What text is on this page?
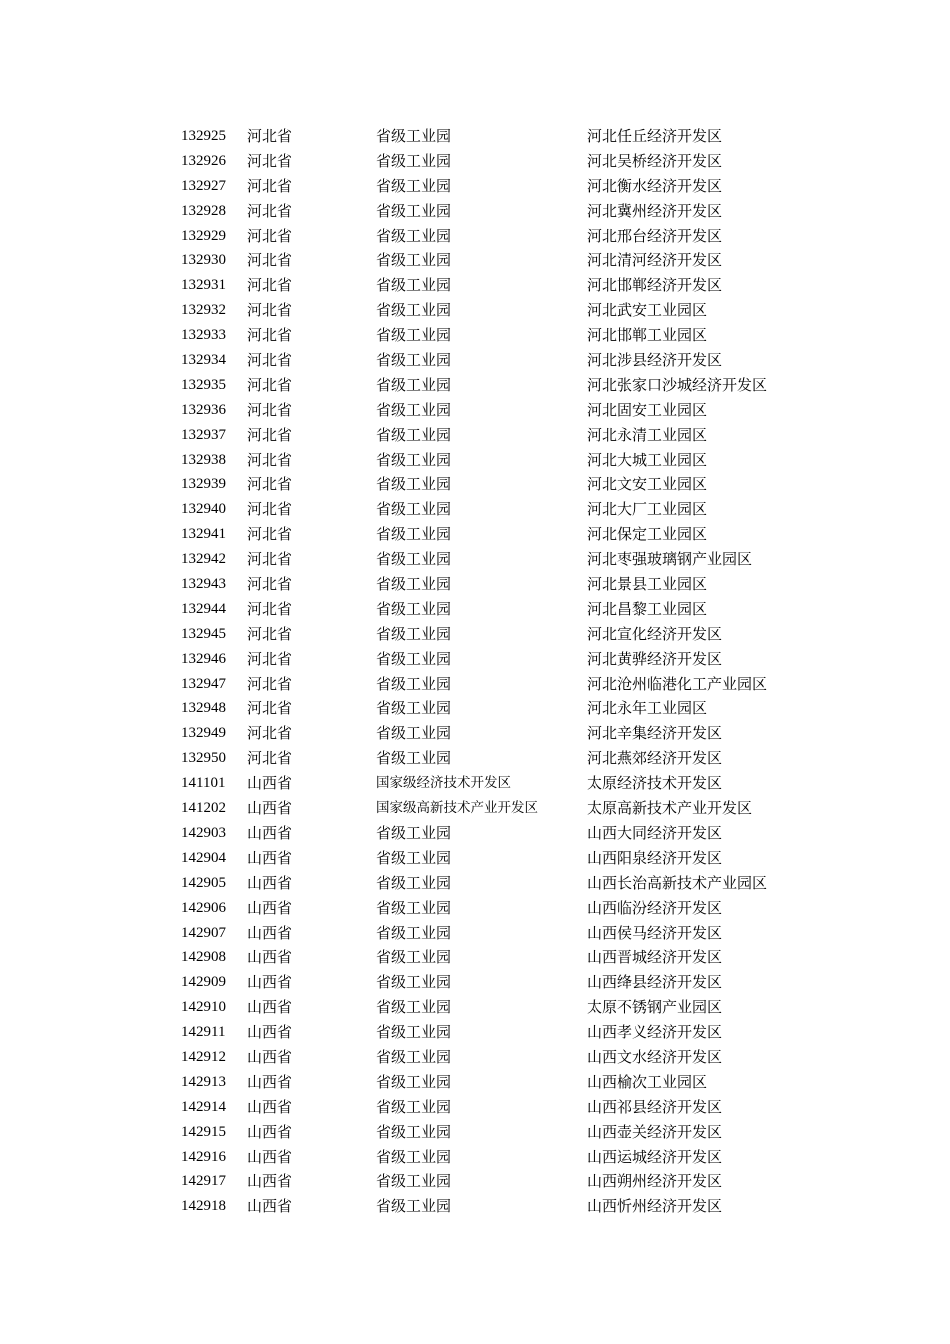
132925 河北省	省级工业园	河北任丘经济开发区
132926 河北省	省级工业园	河北吴桥经济开发区
132927 河北省	省级工业园	河北衡水经济开发区
132928 河北省	省级工业园	河北冀州经济开发区
132929 河北省	省级工业园	河北邢台经济开发区
132930 河北省	省级工业园	河北清河经济开发区
132931 河北省	省级工业园	河北邯郸经济开发区
132932 河北省	省级工业园	河北武安工业园区
132933 河北省	省级工业园	河北邯郸工业园区
132934 河北省	省级工业园	河北涉县经济开发区
132935 河北省	省级工业园	河北张家口沙城经济开发区
132936 河北省	省级工业园	河北固安工业园区
132937 河北省	省级工业园	河北永清工业园区
132938 河北省	省级工业园	河北大城工业园区
132939 河北省	省级工业园	河北文安工业园区
132940 河北省	省级工业园	河北大厂工业园区
132941 河北省	省级工业园	河北保定工业园区
132942 河北省	省级工业园	河北枣强玻璃钢产业园区
132943 河北省	省级工业园	河北景县工业园区
132944 河北省	省级工业园	河北昌黎工业园区
132945 河北省	省级工业园	河北宣化经济开发区
132946 河北省	省级工业园	河北黄骅经济开发区
132947 河北省	省级工业园	河北沧州临港化工产业园区
132948 河北省	省级工业园	河北永年工业园区
132949 河北省	省级工业园	河北辛集经济开发区
132950 河北省	省级工业园	河北燕郊经济开发区
141101 山西省	国家级经济技术开发区	太原经济技术开发区
141202 山西省	国家级高新技术产业开发区	太原高新技术产业开发区
142903 山西省	省级工业园	山西大同经济开发区
142904 山西省	省级工业园	山西阳泉经济开发区
142905 山西省	省级工业园	山西长治高新技术产业园区
142906 山西省	省级工业园	山西临汾经济开发区
142907 山西省	省级工业园	山西侯马经济开发区
142908 山西省	省级工业园	山西晋城经济开发区
142909 山西省	省级工业园	山西绛县经济开发区
142910 山西省	省级工业园	太原不锈钢产业园区
142911 山西省	省级工业园	山西孝义经济开发区
142912 山西省	省级工业园	山西文水经济开发区
142913 山西省	省级工业园	山西榆次工业园区
142914 山西省	省级工业园	山西祁县经济开发区
142915 山西省	省级工业园	山西壶关经济开发区
142916 山西省	省级工业园	山西运城经济开发区
142917 山西省	省级工业园	山西朔州经济开发区
142918 山西省	省级工业园	山西忻州经济开发区
